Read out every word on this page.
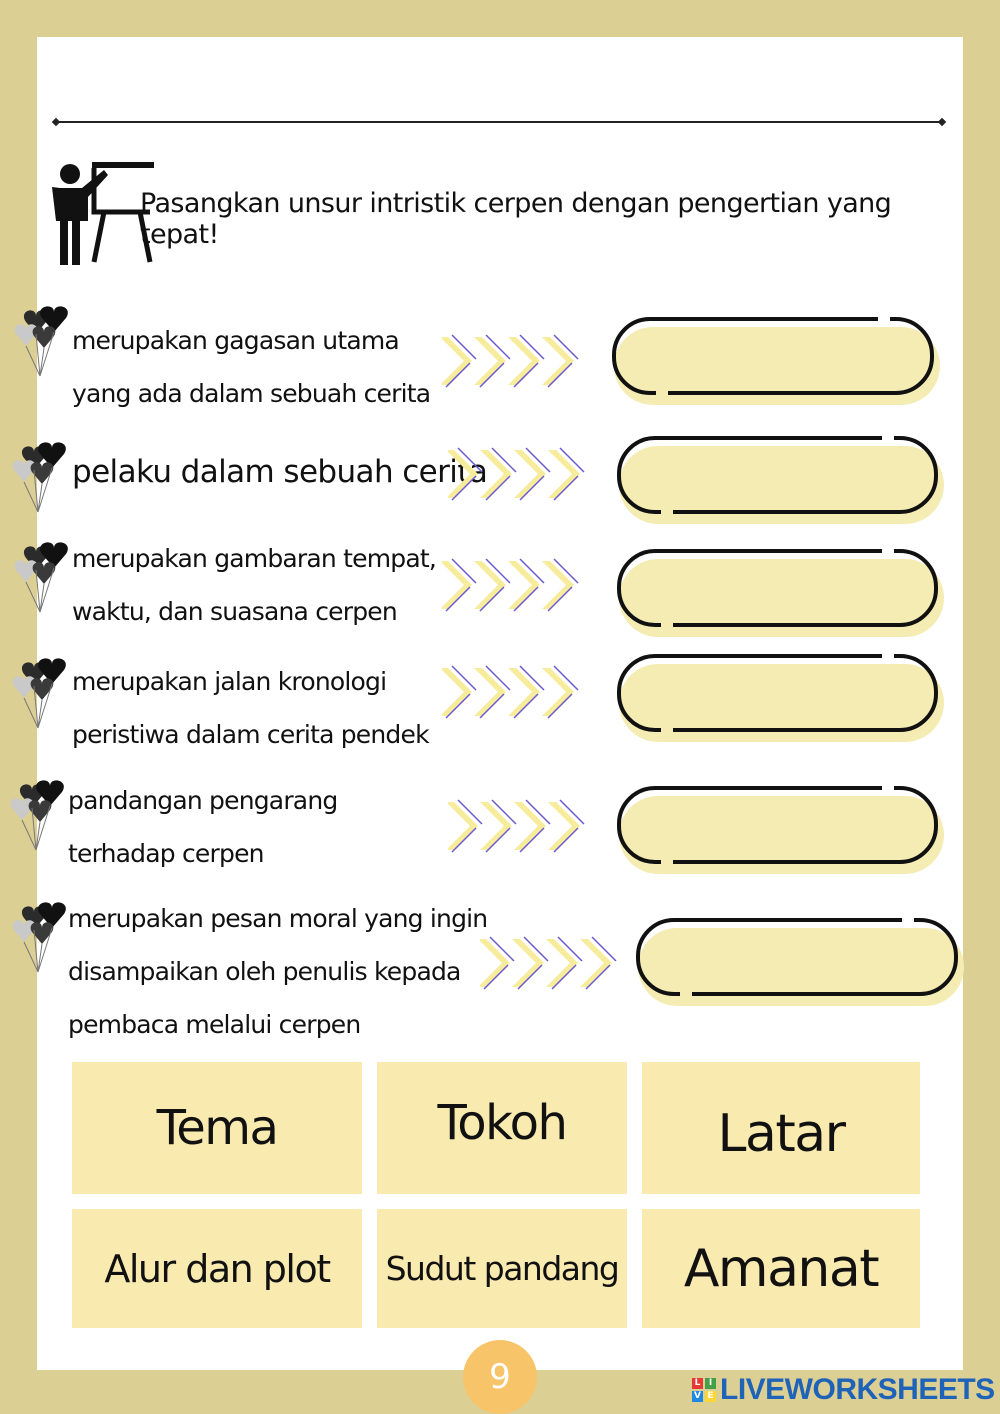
Pasangkan unsur intristik cerpen dengan pengertian yang tepat!
merupakan gagasan utama
yang ada dalam sebuah cerita
pelaku dalam sebuah cerita
merupakan gambaran tempat,
waktu, dan suasana cerpen
merupakan jalan kronologi
peristiwa dalam cerita pendek
pandangan pengarang
terhadap cerpen
merupakan pesan moral yang ingin
disampaikan oleh penulis kepada
pembaca melalui cerpen
Tema	Tokoh	Latar
Alur dan plot	Sudut pandang	Amanat
9	L I
V E LIVEWORKSHEETS
